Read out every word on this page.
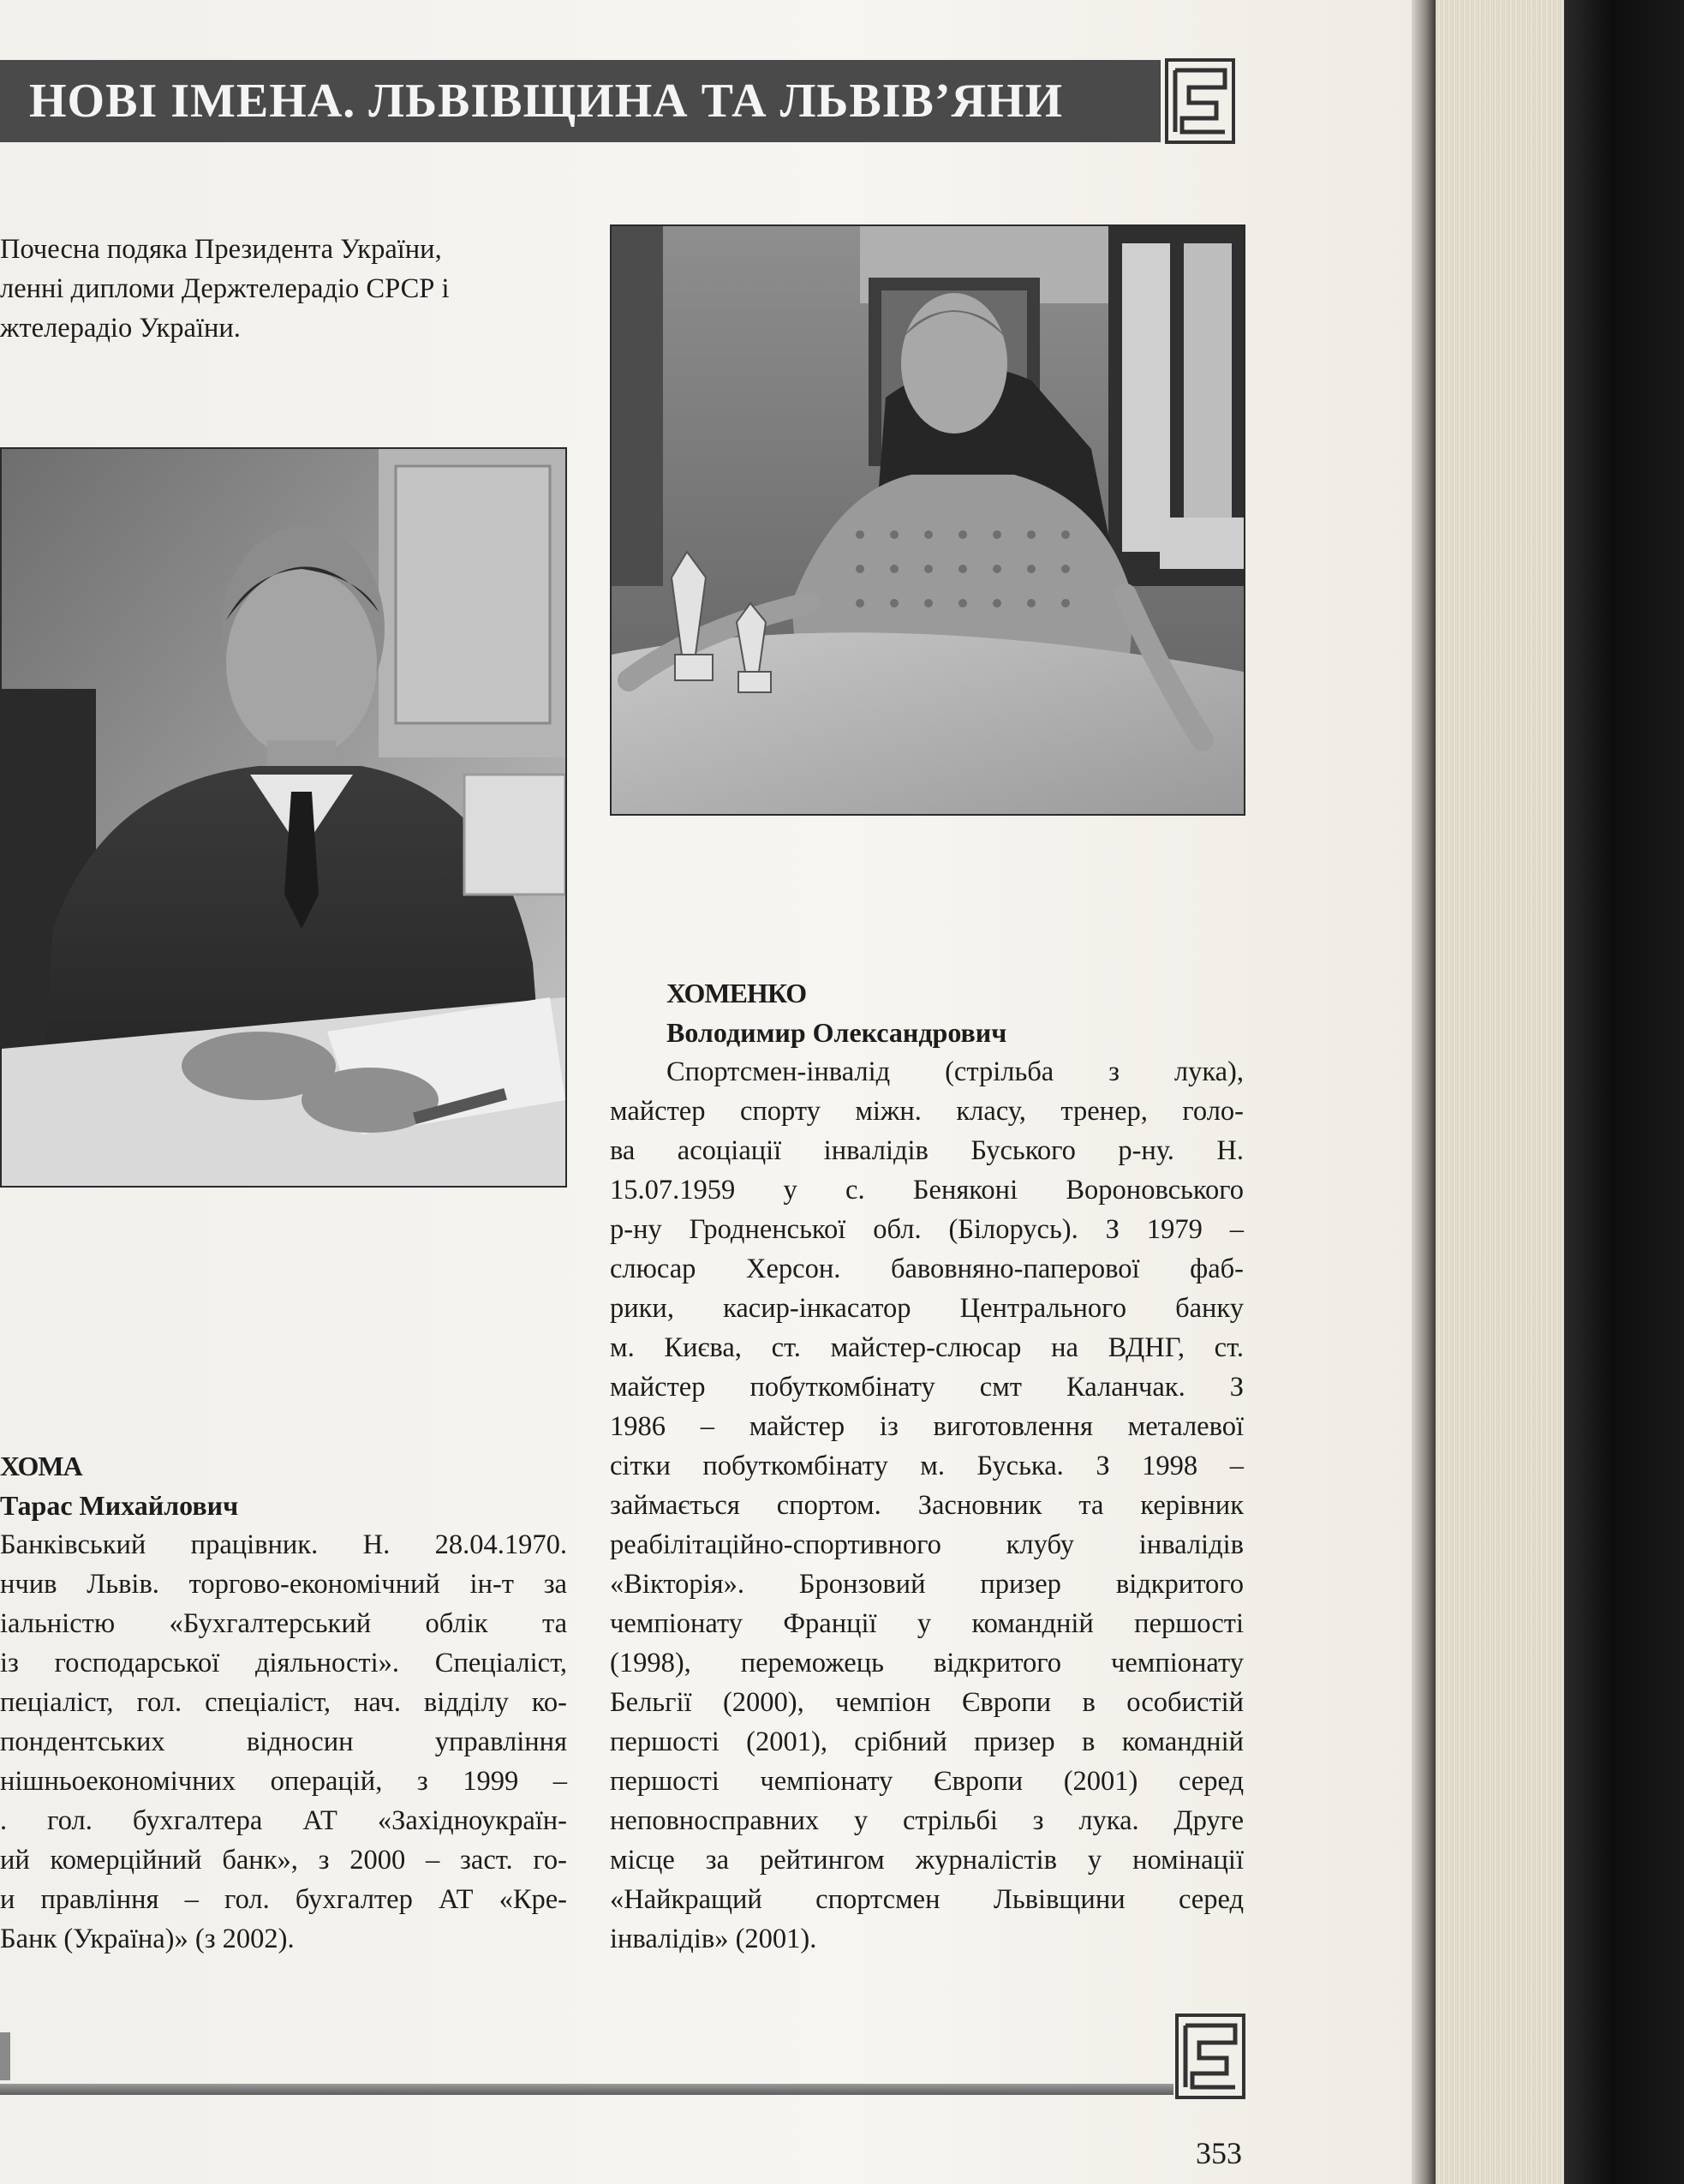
НОВІ ІМЕНА. ЛЬВІВЩИНА ТА ЛЬВІВ’ЯНИ
Почесна подяка Президента України,
ленні дипломи Держтелерадіо СРСР і
жтелерадіо України.
ХОМА
Тарас Михайлович
Банківський працівник. Н. 28.04.1970.
нчив Львів. торгово-економічний ін-т за
іальністю «Бухгалтерський облік та
із господарської діяльності». Спеціаліст,
пеціаліст, гол. спеціаліст, нач. відділу ко-
пондентських відносин управління
нішньоекономічних операцій, з 1999 –
. гол. бухгалтера АТ «Західноукраїн-
ий комерційний банк», з 2000 – заст. го-
и правління – гол. бухгалтер АТ «Кре-
Банк (Україна)» (з 2002).
ХОМЕНКО
Володимир Олександрович
Спортсмен-інвалід (стрільба з лука),
майстер спорту міжн. класу, тренер, голо-
ва асоціації інвалідів Буського р-ну. Н.
15.07.1959 у с. Беняконі Вороновського
р-ну Гродненської обл. (Білорусь). З 1979 –
слюсар Херсон. бавовняно-паперової фаб-
рики, касир-інкасатор Центрального банку
м. Києва, ст. майстер-слюсар на ВДНГ, ст.
майстер побуткомбінату смт Каланчак. З
1986 – майстер із виготовлення металевої
сітки побуткомбінату м. Буська. З 1998 –
займається спортом. Засновник та керівник
реабілітаційно-спортивного клубу інвалідів
«Вікторія». Бронзовий призер відкритого
чемпіонату Франції у командній першості
(1998), переможець відкритого чемпіонату
Бельгії (2000), чемпіон Європи в особистій
першості (2001), срібний призер в командній
першості чемпіонату Європи (2001) серед
неповносправних у стрільбі з лука. Друге
місце за рейтингом журналістів у номінації
«Найкращий спортсмен Львівщини серед
інвалідів» (2001).
353
